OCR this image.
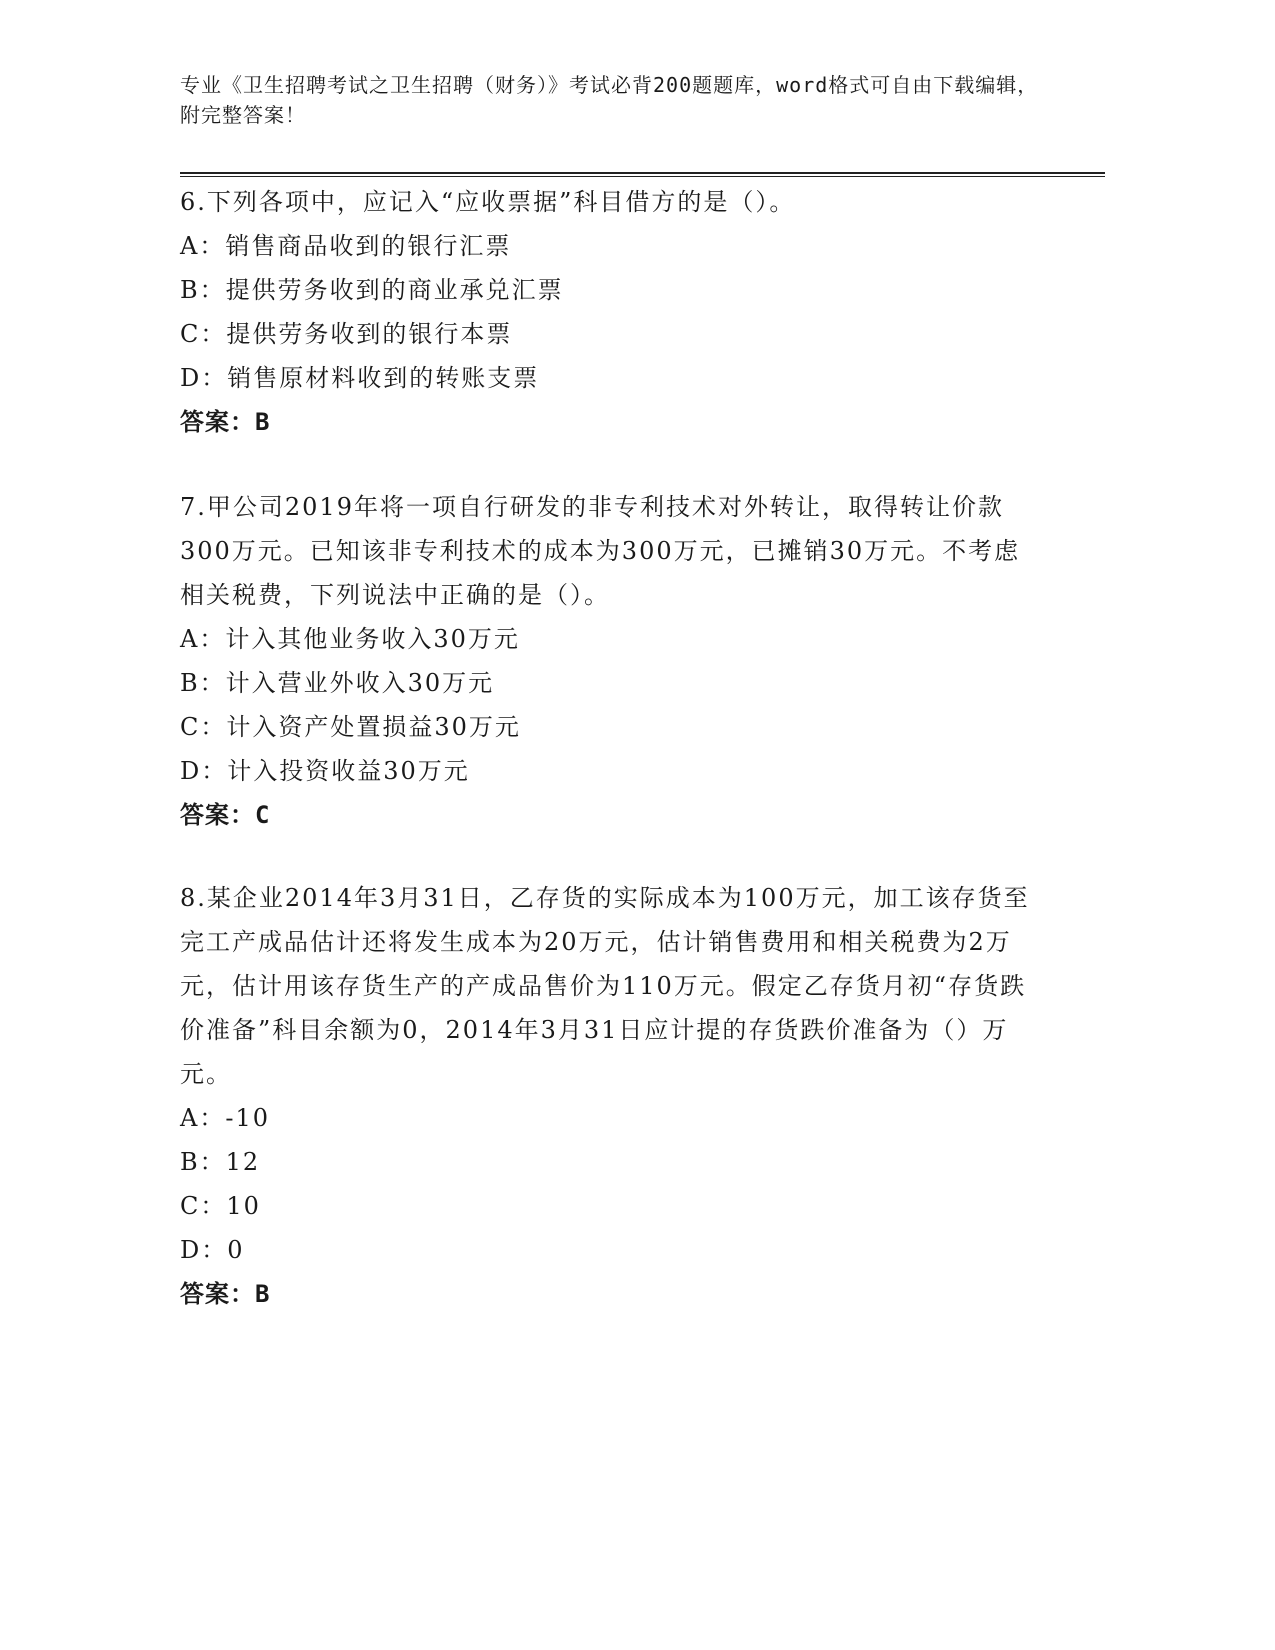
专业《卫生招聘考试之卫生招聘（财务）》考试必背200题题库，word格式可自由下载编辑，附完整答案！
6.下列各项中，应记入“应收票据”科目借方的是（）。
A：销售商品收到的银行汇票
B：提供劳务收到的商业承兑汇票
C：提供劳务收到的银行本票
D：销售原材料收到的转账支票
答案：B
7.甲公司2019年将一项自行研发的非专利技术对外转让，取得转让价款300万元。已知该非专利技术的成本为300万元，已摊销30万元。不考虑相关税费，下列说法中正确的是（）。
A：计入其他业务收入30万元
B：计入营业外收入30万元
C：计入资产处置损益30万元
D：计入投资收益30万元
答案：C
8.某企业2014年3月31日，乙存货的实际成本为100万元，加工该存货至完工产成品估计还将发生成本为20万元，估计销售费用和相关税费为2万元，估计用该存货生产的产成品售价为110万元。假定乙存货月初“存货跌价准备”科目余额为0，2014年3月31日应计提的存货跌价准备为（）万元。
A：-10
B：12
C：10
D：0
答案：B
